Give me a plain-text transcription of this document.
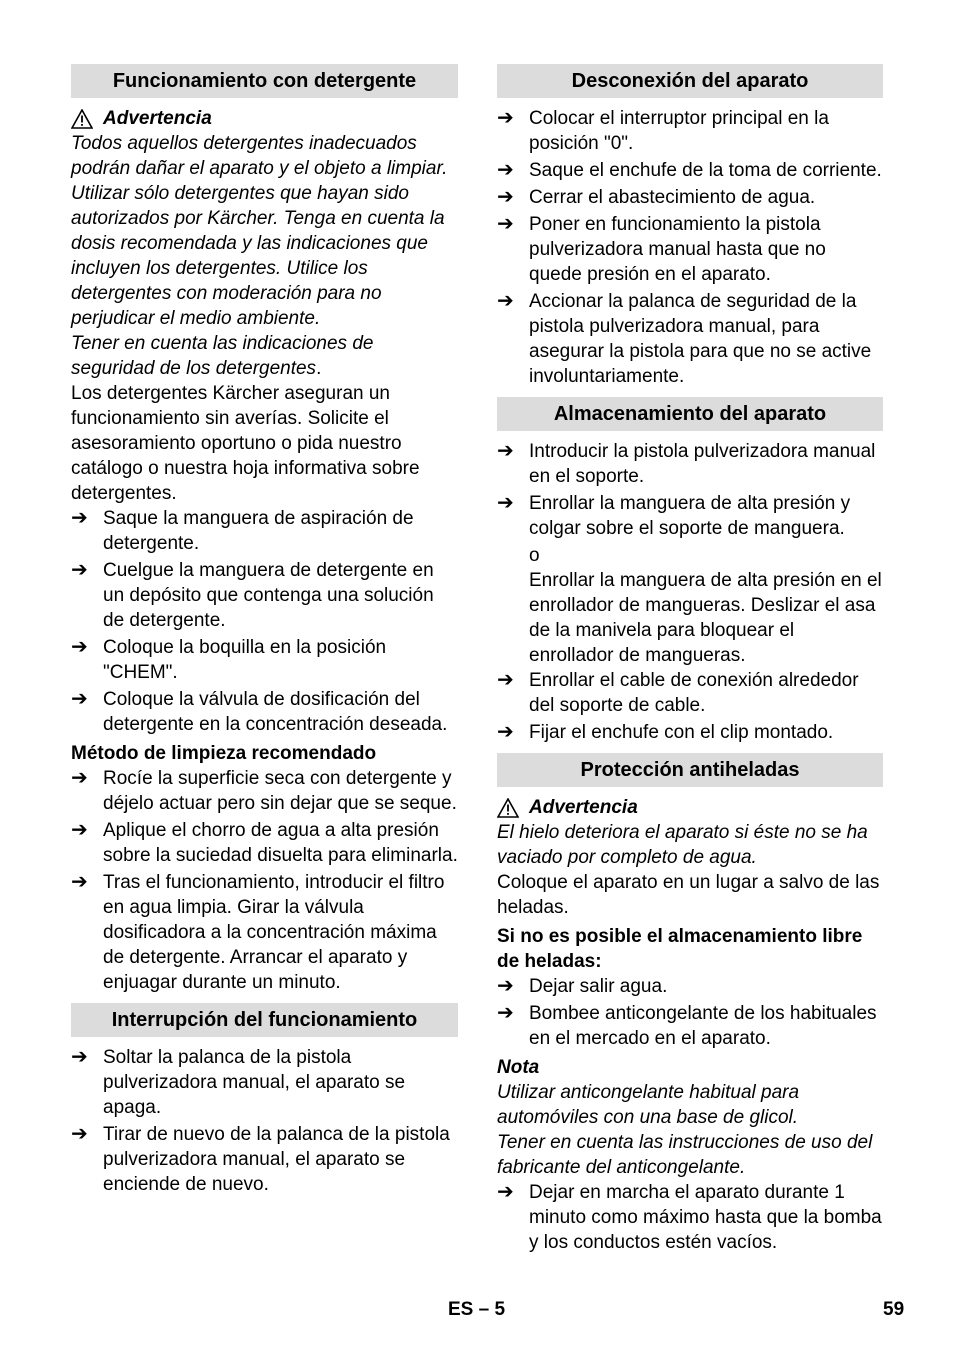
Funcionamiento con detergente
Advertencia

Todos aquellos detergentes inadecuados podrán dañar el aparato y el objeto a limpiar. Utilizar sólo detergentes que hayan sido autorizados por Kärcher. Tenga en cuenta la dosis recomendada y las indicaciones que incluyen los detergentes. Utilice los detergentes con moderación para no perjudicar el medio ambiente.

Tener en cuenta las indicaciones de seguridad de los detergentes.

Los detergentes Kärcher aseguran un funcionamiento sin averías. Solicite el asesoramiento oportuno o pida nuestro catálogo o nuestra hoja informativa sobre detergentes.

➔ Saque la manguera de aspiración de detergente.
➔ Cuelgue la manguera de detergente en un depósito que contenga una solución de detergente.
➔ Coloque la boquilla en la posición "CHEM".
➔ Coloque la válvula de dosificación del detergente en la concentración deseada.

Método de limpieza recomendado

➔ Rocíe la superficie seca con detergente y déjelo actuar pero sin dejar que se seque.
➔ Aplique el chorro de agua a alta presión sobre la suciedad disuelta para eliminarla.
➔ Tras el funcionamiento, introducir el filtro en agua limpia. Girar la válvula dosificadora a la concentración máxima de detergente. Arrancar el aparato y enjuagar durante un minuto.
Interrupción del funcionamiento
➔ Soltar la palanca de la pistola pulverizadora manual, el aparato se apaga.
➔ Tirar de nuevo de la palanca de la pistola pulverizadora manual, el aparato se enciende de nuevo.
Desconexión del aparato
➔ Colocar el interruptor principal en la posición "0".
➔ Saque el enchufe de la toma de corriente.
➔ Cerrar el abastecimiento de agua.
➔ Poner en funcionamiento la pistola pulverizadora manual hasta que no quede presión en el aparato.
➔ Accionar la palanca de seguridad de la pistola pulverizadora manual, para asegurar la pistola para que no se active involuntariamente.
Almacenamiento del aparato
➔ Introducir la pistola pulverizadora manual en el soporte.
➔ Enrollar la manguera de alta presión y colgar sobre el soporte de manguera.

o

Enrollar la manguera de alta presión en el enrollador de mangueras. Deslizar el asa de la manivela para bloquear el enrollador de mangueras.

➔ Enrollar el cable de conexión alrededor del soporte de cable.
➔ Fijar el enchufe con el clip montado.
Protección antiheladas
Advertencia

El hielo deteriora el aparato si éste no se ha vaciado por completo de agua.

Coloque el aparato en un lugar a salvo de las heladas.

Si no es posible el almacenamiento libre de heladas:

➔ Dejar salir agua.
➔ Bombee anticongelante de los habituales en el mercado en el aparato.

Nota

Utilizar anticongelante habitual para automóviles con una base de glicol.

Tener en cuenta las instrucciones de uso del fabricante del anticongelante.

➔ Dejar en marcha el aparato durante 1 minuto como máximo hasta que la bomba y los conductos estén vacíos.
ES – 5	59
